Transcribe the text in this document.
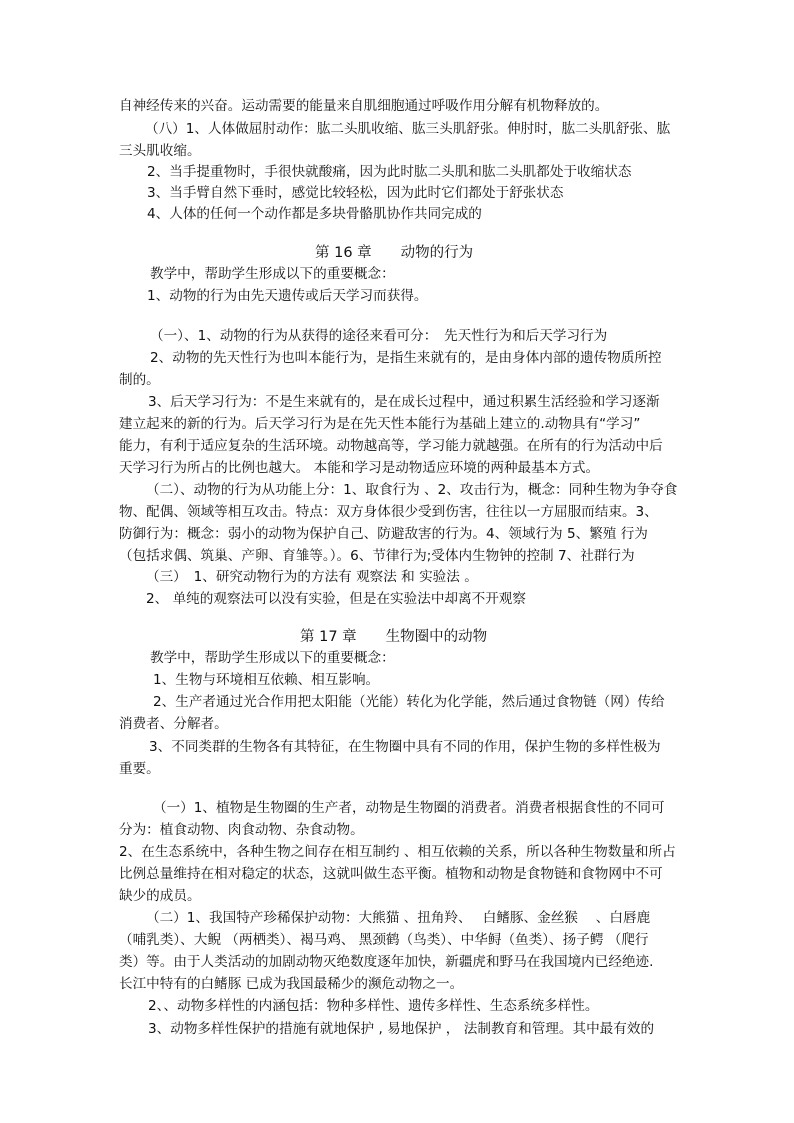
自神经传来的兴奋。运动需要的能量来自肌细胞通过呼吸作用分解有机物释放的。
（八）1、人体做屈肘动作：肱二头肌收缩、肱三头肌舒张。伸肘时，肱二头肌舒张、肱
三头肌收缩。
2、当手提重物时，手很快就酸痛，因为此时肱二头肌和肱二头肌都处于收缩状态
3、当手臂自然下垂时，感觉比较轻松，因为此时它们都处于舒张状态
4、人体的任何一个动作都是多块骨骼肌协作共同完成的
第 16 章　　动物的行为
教学中，帮助学生形成以下的重要概念：
1、动物的行为由先天遗传或后天学习而获得。
（一）、1、动物的行为从获得的途径来看可分：　先天性行为和后天学习行为
2、动物的先天性行为也叫本能行为，是指生来就有的，是由身体内部的遗传物质所控
制的。
3、后天学习行为：不是生来就有的，是在成长过程中，通过积累生活经验和学习逐渐
建立起来的新的行为。后天学习行为是在先天性本能行为基础上建立的.动物具有“学习”
能力，有利于适应复杂的生活环境。动物越高等，学习能力就越强。在所有的行为活动中后
天学习行为所占的比例也越大。 本能和学习是动物适应环境的两种最基本方式。
（二）、动物的行为从功能上分：1、取食行为 、2、攻击行为，概念：同种生物为争夺食
物、配偶、领域等相互攻击。特点：双方身体很少受到伤害，往往以一方屈服而结束。3、
防御行为：概念：弱小的动物为保护自己、防避敌害的行为。4、领域行为 5、繁殖 行为
（包括求偶、筑巢、产卵、育雏等。）。6、节律行为;受体内生物钟的控制 7、社群行为
（三）　1、研究动物行为的方法有 观察法 和 实验法 。
2、 单纯的观察法可以没有实验，但是在实验法中却离不开观察
第 17 章　　生物圈中的动物
教学中，帮助学生形成以下的重要概念：
1、生物与环境相互依赖、相互影响。
2、生产者通过光合作用把太阳能（光能）转化为化学能，然后通过食物链（网）传给
消费者、分解者。
3、不同类群的生物各有其特征，在生物圈中具有不同的作用，保护生物的多样性极为
重要。
（一）1、植物是生物圈的生产者，动物是生物圈的消费者。消费者根据食性的不同可
分为：植食动物、肉食动物、杂食动物。
2、在生态系统中，各种生物之间存在相互制约 、相互依赖的关系，所以各种生物数量和所占
比例总量维持在相对稳定的状态，这就叫做生态平衡。植物和动物是食物链和食物网中不可
缺少的成员。
（二）1、我国特产珍稀保护动物：大熊猫 、扭角羚、　 白鳍豚、金丝猴　 、白唇鹿
（哺乳类）、大鲵 （两栖类）、褐马鸡、 黑颈鹤（鸟类）、中华鲟（鱼类）、扬子鳄 （爬行
类）等。由于人类活动的加剧动物灭绝数度逐年加快，新疆虎和野马在我国境内已经绝迹.
长江中特有的白鳍豚 已成为我国最稀少的濒危动物之一。
2、、动物多样性的内涵包括：物种多样性、遗传多样性、生态系统多样性。
3、动物多样性保护的措施有就地保护 , 易地保护 ， 法制教育和管理。其中最有效的
